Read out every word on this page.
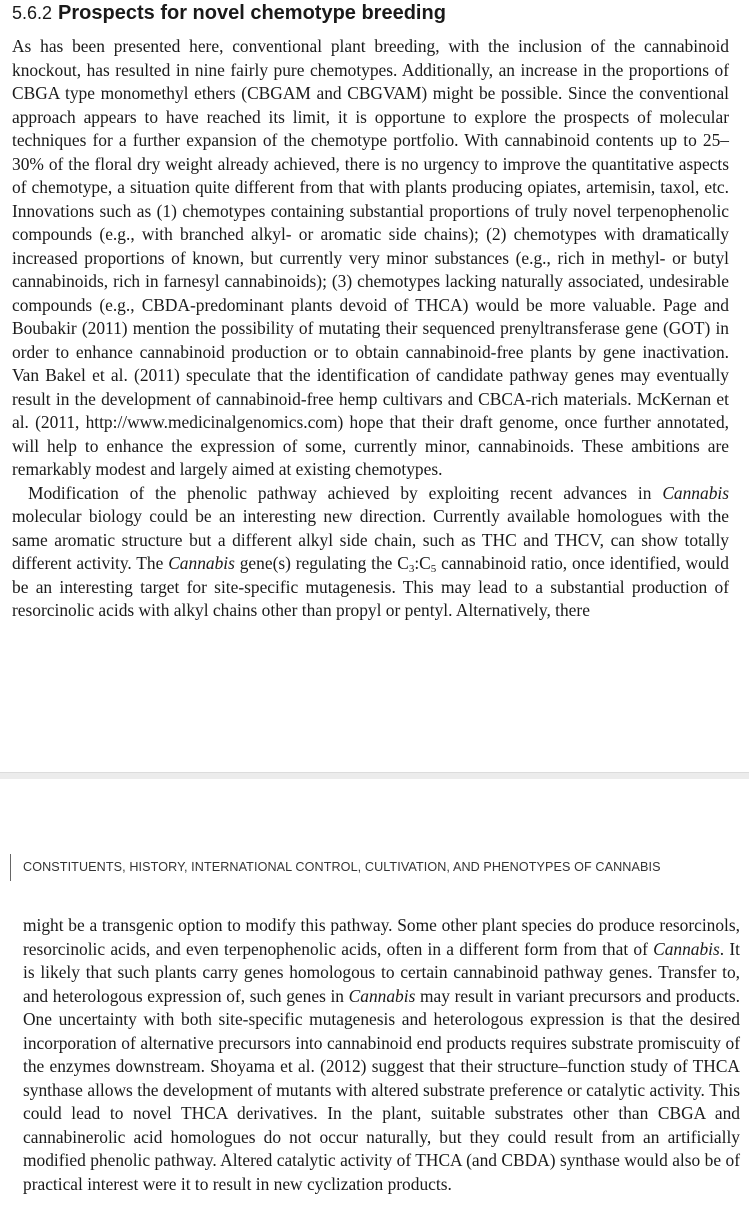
5.6.2 Prospects for novel chemotype breeding

As has been presented here, conventional plant breeding, with the inclusion of the cannabinoid knockout, has resulted in nine fairly pure chemotypes. Additionally, an increase in the proportions of CBGA type monomethyl ethers (CBGAM and CBGVAM) might be possible. Since the conventional approach appears to have reached its limit, it is opportune to explore the prospects of molecular techniques for a further expansion of the chemotype portfolio. With cannabinoid contents up to 25–30% of the floral dry weight already achieved, there is no urgency to improve the quantitative aspects of chemotype, a situation quite different from that with plants producing opiates, artemisin, taxol, etc. Innovations such as (1) chemotypes containing substantial proportions of truly novel terpenophenolic compounds (e.g., with branched alkyl- or aromatic side chains); (2) chemotypes with dramatically increased proportions of known, but currently very minor substances (e.g., rich in methyl- or butyl cannabinoids, rich in farnesyl cannabinoids); (3) chemotypes lacking naturally associated, undesirable compounds (e.g., CBDA-predominant plants devoid of THCA) would be more valuable. Page and Boubakir (2011) mention the possibility of mutating their sequenced prenyltransferase gene (GOT) in order to enhance cannabinoid production or to obtain cannabinoid-free plants by gene inactivation. Van Bakel et al. (2011) speculate that the identification of candidate pathway genes may eventually result in the development of cannabinoid-free hemp cultivars and CBCA-rich materials. McKernan et al. (2011, http://www.medicinalgenomics.com) hope that their draft genome, once further annotated, will help to enhance the expression of some, currently minor, cannabinoids. These ambitions are remarkably modest and largely aimed at existing chemotypes.

Modification of the phenolic pathway achieved by exploiting recent advances in Cannabis molecular biology could be an interesting new direction. Currently available homologues with the same aromatic structure but a different alkyl side chain, such as THC and THCV, can show totally different activity. The Cannabis gene(s) regulating the $C_3:C_5$ cannabinoid ratio, once identified, would be an interesting target for site-specific mutagenesis. This may lead to a substantial production of resorcinolic acids with alkyl chains other than propyl or pentyl. Alternatively, there

CONSTITUENTS, HISTORY, INTERNATIONAL CONTROL, CULTIVATION, AND PHENOTYPES OF CANNABIS

might be a transgenic option to modify this pathway. Some other plant species do produce resorcinols, resorcinolic acids, and even terpenophenolic acids, often in a different form from that of Cannabis. It is likely that such plants carry genes homologous to certain cannabinoid pathway genes. Transfer to, and heterologous expression of, such genes in Cannabis may result in variant precursors and products. One uncertainty with both site-specific mutagenesis and heterologous expression is that the desired incorporation of alternative precursors into cannabinoid end products requires substrate promiscuity of the enzymes downstream. Shoyama et al. (2012) suggest that their structure–function study of THCA synthase allows the development of mutants with altered substrate preference or catalytic activity. This could lead to novel THCA derivatives. In the plant, suitable substrates other than CBGA and cannabinerolic acid homologues do not occur naturally, but they could result from an artificially modified phenolic pathway. Altered catalytic activity of THCA (and CBDA) synthase would also be of practical interest were it to result in new cyclization products.
